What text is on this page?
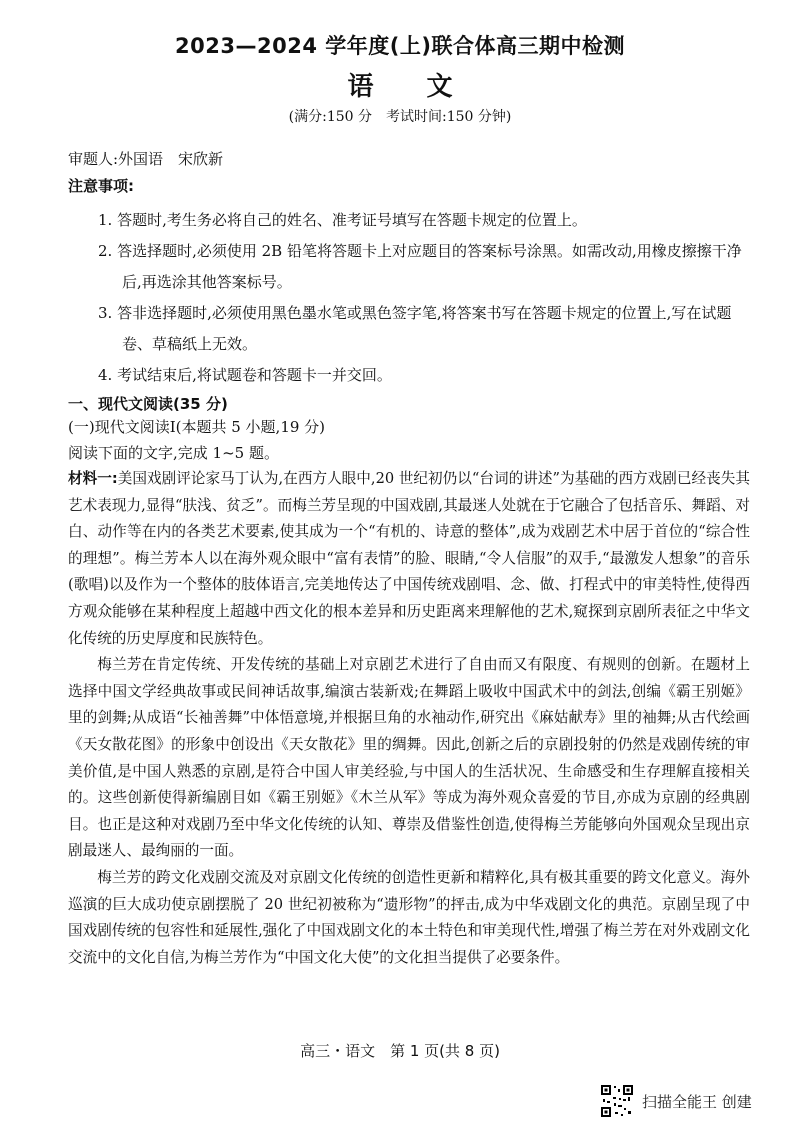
2023—2024 学年度(上)联合体高三期中检测
语 文
(满分:150 分　考试时间:150 分钟)
审题人:外国语　宋欣新
注意事项:

1. 答题时,考生务必将自己的姓名、准考证号填写在答题卡规定的位置上。

2. 答选择题时,必须使用 2B 铅笔将答题卡上对应题目的答案标号涂黑。如需改动,用橡皮擦擦干净后,再选涂其他答案标号。

3. 答非选择题时,必须使用黑色墨水笔或黑色签字笔,将答案书写在答题卡规定的位置上,写在试题卷、草稿纸上无效。

4. 考试结束后,将试题卷和答题卡一并交回。

一、现代文阅读(35 分)
(一)现代文阅读Ⅰ(本题共 5 小题,19 分)
阅读下面的文字,完成 1~5 题。

材料一:美国戏剧评论家马丁认为,在西方人眼中,20 世纪初仍以“台词的讲述”为基础的西方戏剧已经丧失其艺术表现力,显得“肤浅、贫乏”。而梅兰芳呈现的中国戏剧,其最迷人处就在于它融合了包括音乐、舞蹈、对白、动作等在内的各类艺术要素,使其成为一个“有机的、诗意的整体”,成为戏剧艺术中居于首位的“综合性的理想”。梅兰芳本人以在海外观众眼中“富有表情”的脸、眼睛,“令人信服”的双手,“最激发人想象”的音乐(歌唱)以及作为一个整体的肢体语言,完美地传达了中国传统戏剧唱、念、做、打程式中的审美特性,使得西方观众能够在某种程度上超越中西文化的根本差异和历史距离来理解他的艺术,窥探到京剧所表征之中华文化传统的历史厚度和民族特色。

梅兰芳在肯定传统、开发传统的基础上对京剧艺术进行了自由而又有限度、有规则的创新。在题材上选择中国文学经典故事或民间神话故事,编演古装新戏;在舞蹈上吸收中国武术中的剑法,创编《霸王别姬》里的剑舞;从成语“长袖善舞”中体悟意境,并根据旦角的水袖动作,研究出《麻姑献寿》里的袖舞;从古代绘画《天女散花图》的形象中创设出《天女散花》里的绸舞。因此,创新之后的京剧投射的仍然是戏剧传统的审美价值,是中国人熟悉的京剧,是符合中国人审美经验,与中国人的生活状况、生命感受和生存理解直接相关的。这些创新使得新编剧目如《霸王别姬》《木兰从军》等成为海外观众喜爱的节目,亦成为京剧的经典剧目。也正是这种对戏剧乃至中华文化传统的认知、尊崇及借鉴性创造,使得梅兰芳能够向外国观众呈现出京剧最迷人、最绚丽的一面。

梅兰芳的跨文化戏剧交流及对京剧文化传统的创造性更新和精粹化,具有极其重要的跨文化意义。海外巡演的巨大成功使京剧摆脱了 20 世纪初被称为“遗形物”的抨击,成为中华戏剧文化的典范。京剧呈现了中国戏剧传统的包容性和延展性,强化了中国戏剧文化的本土特色和审美现代性,增强了梅兰芳在对外戏剧文化交流中的文化自信,为梅兰芳作为“中国文化大使”的文化担当提供了必要条件。

高三・语文　第 1 页(共 8 页)
扫描全能王 创建
